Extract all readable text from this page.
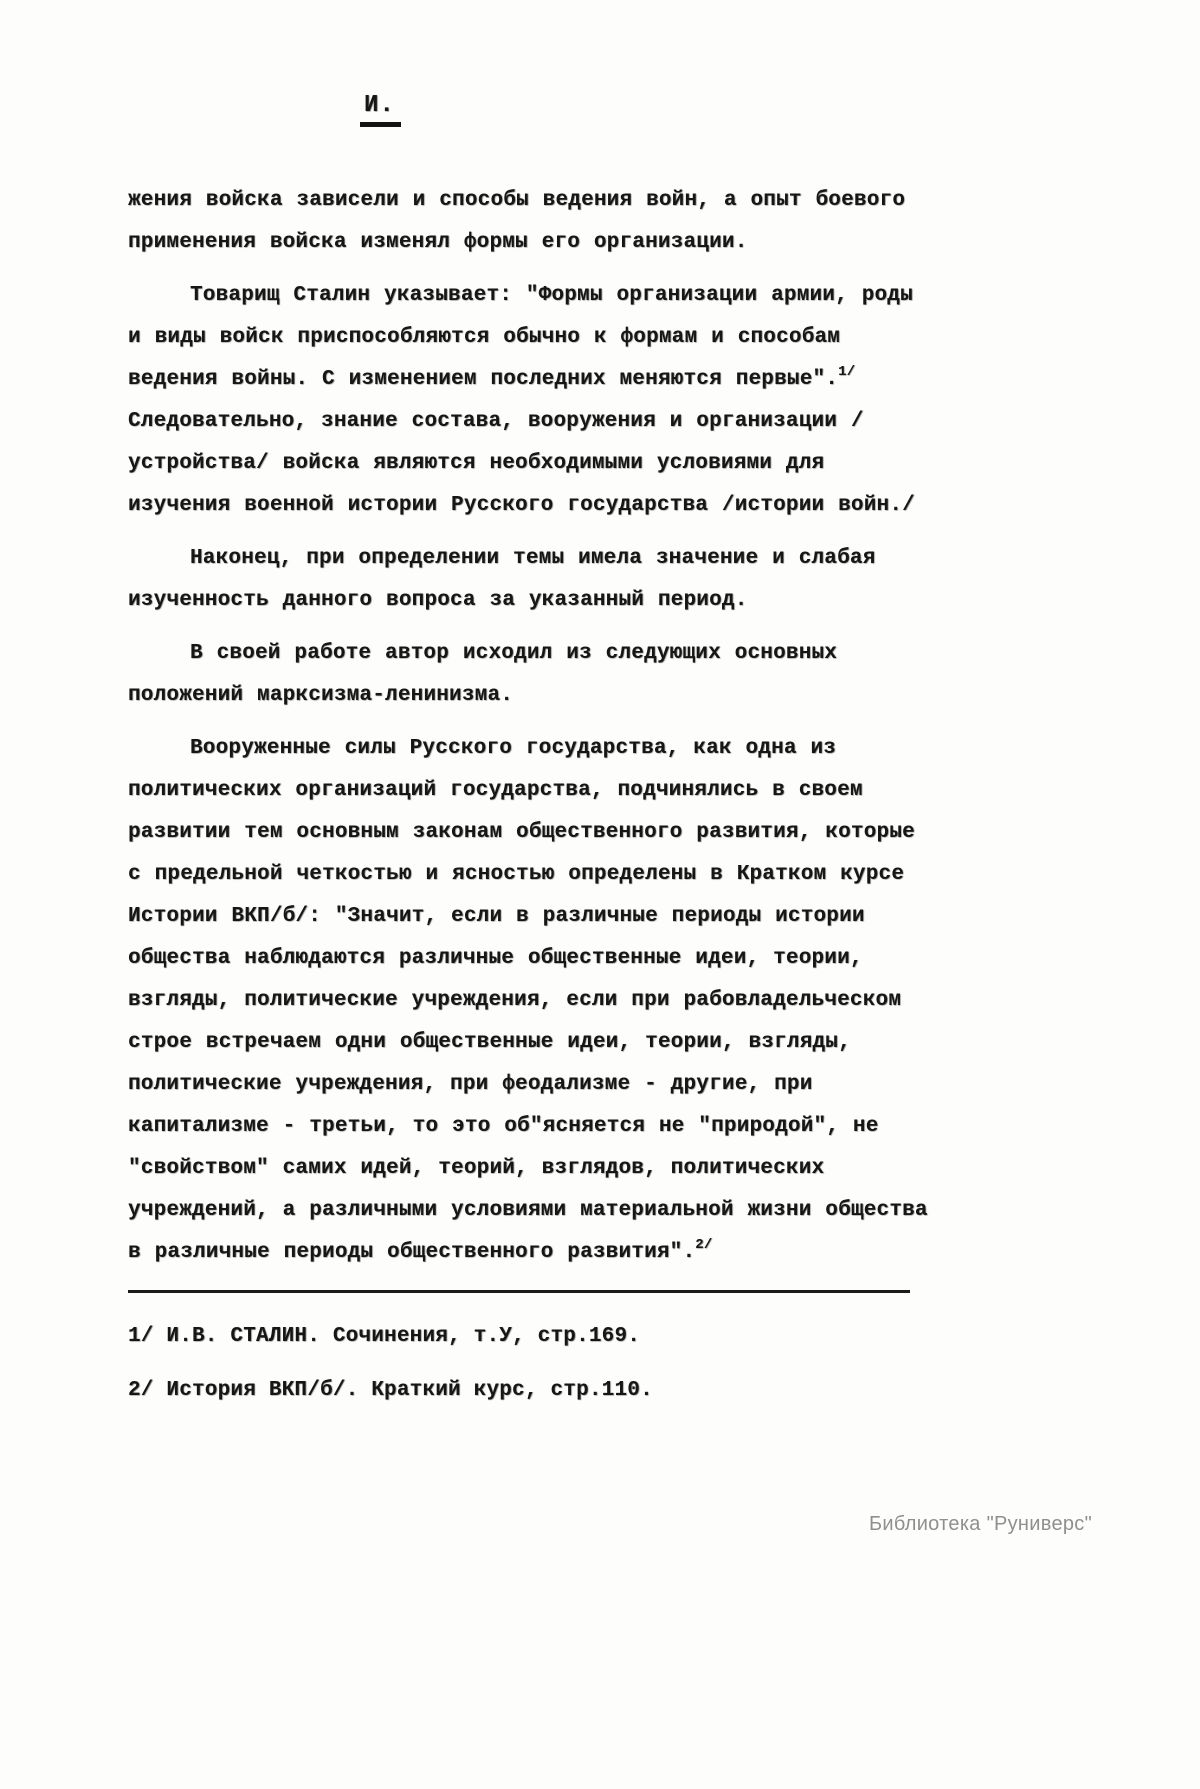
И.

жения войска зависели и способы ведения войн, а опыт боевого применения войска изменял формы его организации.

Товарищ Сталин указывает: "Формы организации армии, роды и виды войск приспособляются обычно к формам и способам ведения войны. С изменением последних меняются первые".$^{1/}$ Следовательно, знание состава, вооружения и организации /устройства/ войска являются необходимыми условиями для изучения военной истории Русского государства /истории войн./

Наконец, при определении темы имела значение и слабая изученность данного вопроса за указанный период.

В своей работе автор исходил из следующих основных положений марксизма-ленинизма.

Вооруженные силы Русского государства, как одна из политических организаций государства, подчинялись в своем развитии тем основным законам общественного развития, которые с предельной четкостью и ясностью определены в Кратком курсе Истории ВКП/б/: "Значит, если в различные периоды истории общества наблюдаются различные общественные идеи, теории, взгляды, политические учреждения, если при рабовладельческом строе встречаем одни общественные идеи, теории, взгляды, политические учреждения, при феодализме - другие, при капитализме - третьи, то это об"ясняется не "природой", не "свойством" самих идей, теорий, взглядов, политических учреждений, а различными условиями материальной жизни общества в различные периоды общественного развития".$^{2/}$

1/ И.В. СТАЛИН. Сочинения, т.У, стр.169.

2/ История ВКП/б/. Краткий курс, стр.110.

Библиотека "Руниверс"
